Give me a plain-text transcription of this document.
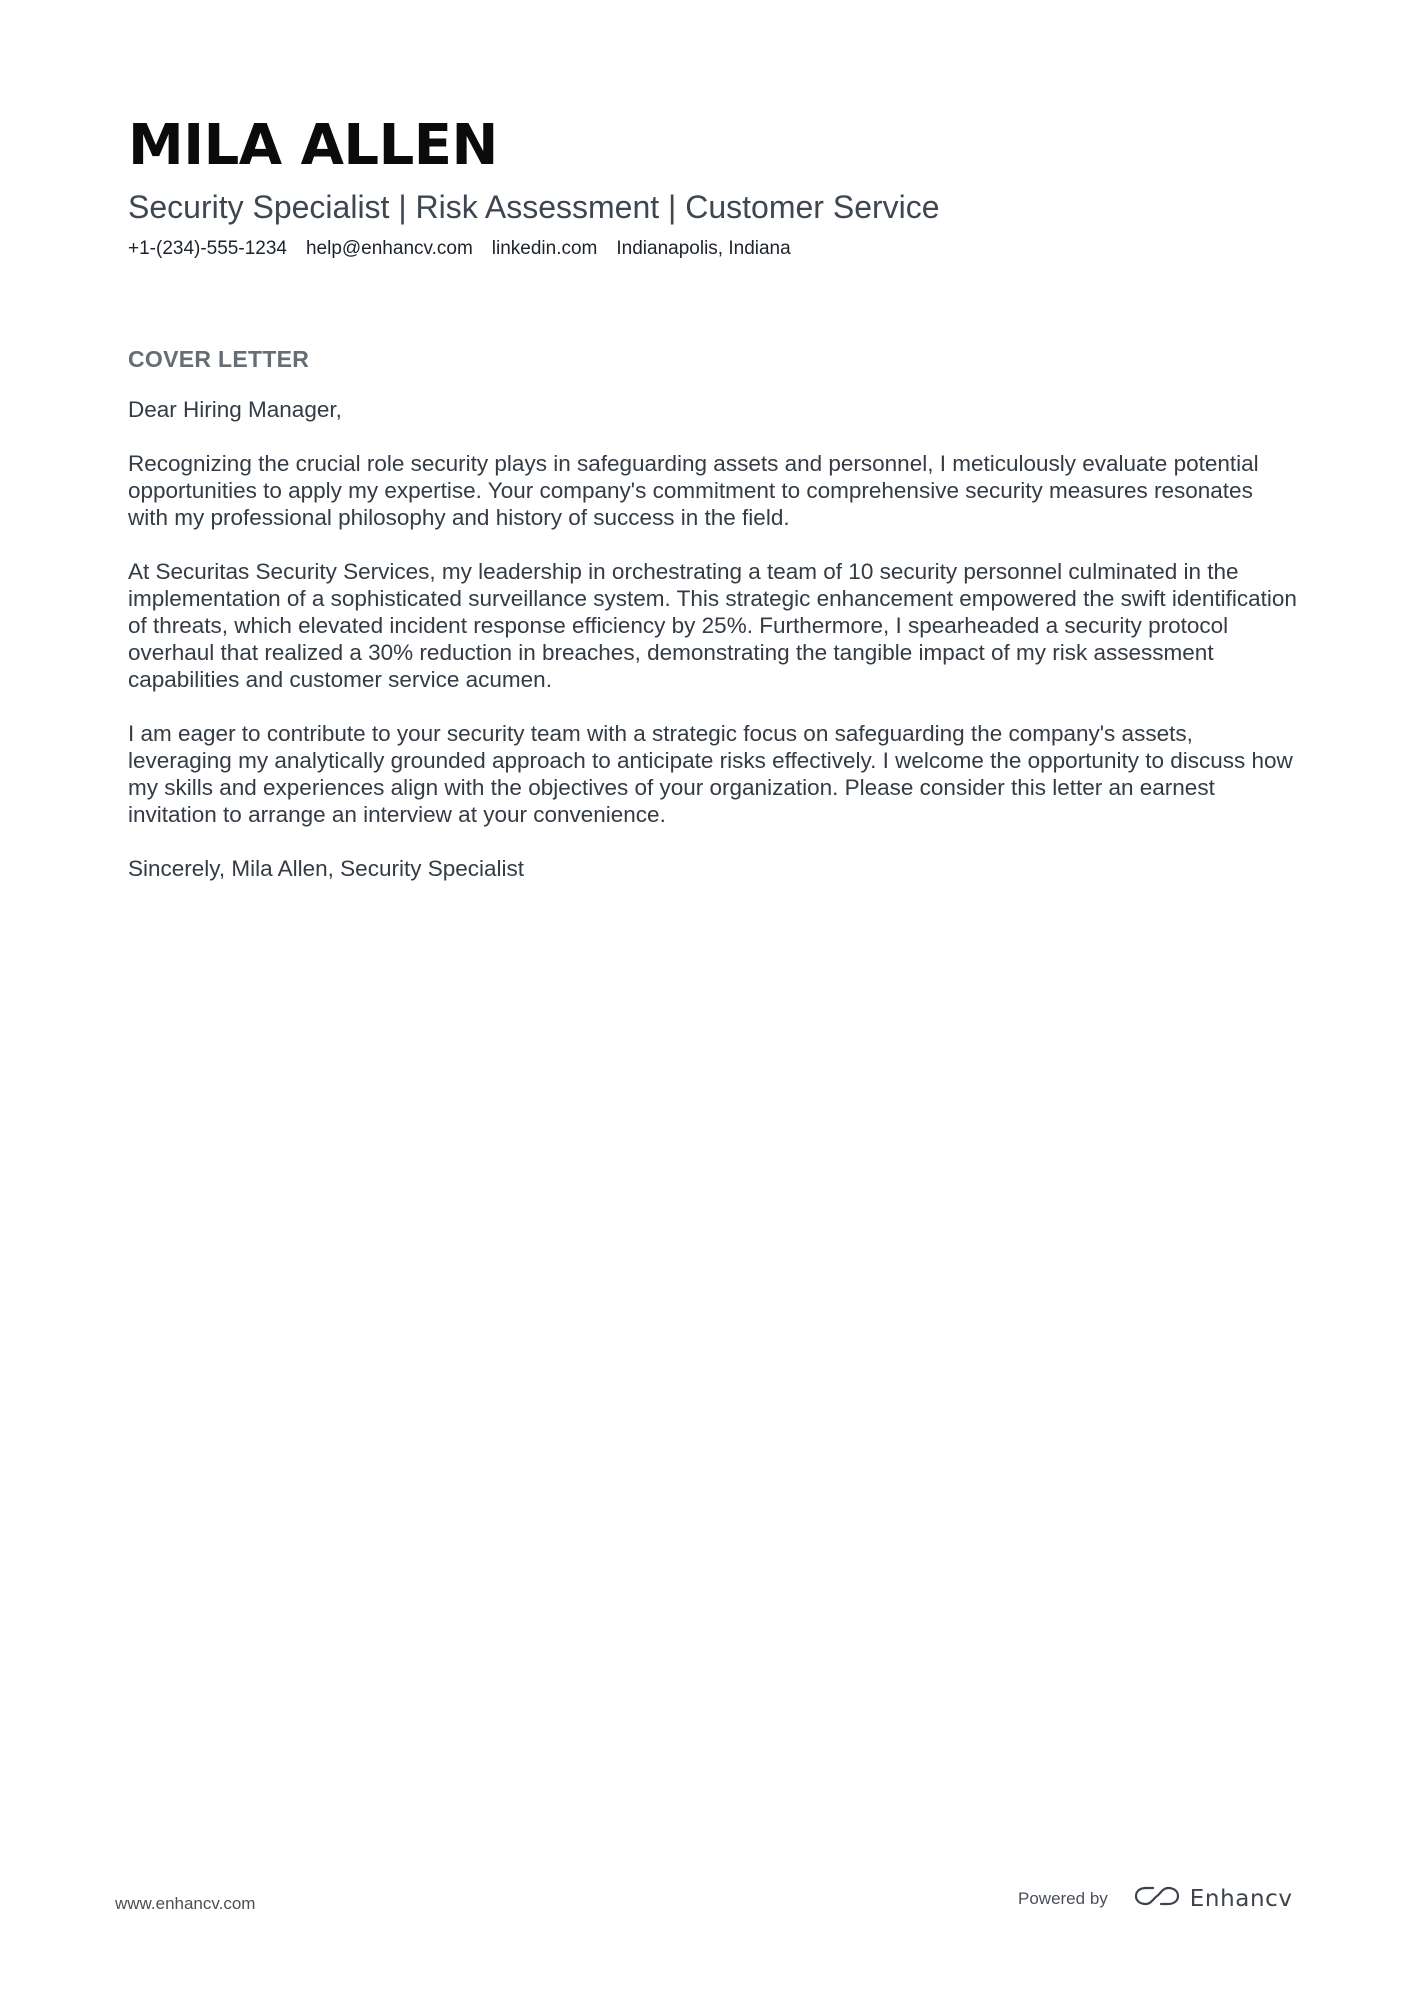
MILA ALLEN
Security Specialist | Risk Assessment | Customer Service
+1-(234)-555-1234 help@enhancv.com linkedin.com Indianapolis, Indiana
COVER LETTER

Dear Hiring Manager,

Recognizing the crucial role security plays in safeguarding assets and personnel, I meticulously evaluate potential opportunities to apply my expertise. Your company's commitment to comprehensive security measures resonates with my professional philosophy and history of success in the field.

At Securitas Security Services, my leadership in orchestrating a team of 10 security personnel culminated in the implementation of a sophisticated surveillance system. This strategic enhancement empowered the swift identification of threats, which elevated incident response efficiency by 25%. Furthermore, I spearheaded a security protocol overhaul that realized a 30% reduction in breaches, demonstrating the tangible impact of my risk assessment capabilities and customer service acumen.

I am eager to contribute to your security team with a strategic focus on safeguarding the company's assets, leveraging my analytically grounded approach to anticipate risks effectively. I welcome the opportunity to discuss how my skills and experiences align with the objectives of your organization. Please consider this letter an earnest invitation to arrange an interview at your convenience.

Sincerely, Mila Allen, Security Specialist

www.enhancv.com	Powered by	Enhancv
